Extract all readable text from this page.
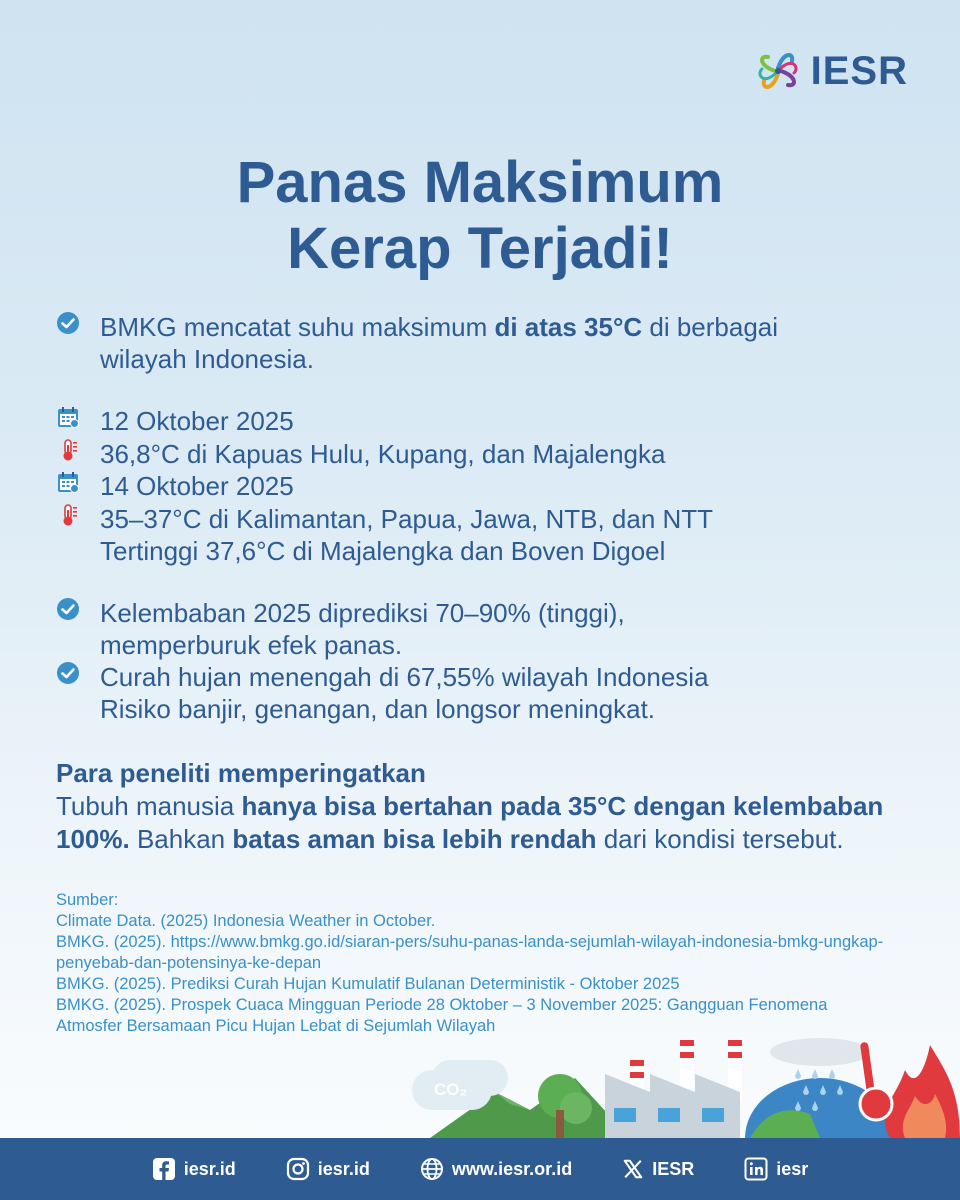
IESR
Panas Maksimum
Kerap Terjadi!
BMKG mencatat suhu maksimum di atas 35°C di berbagai
wilayah Indonesia.
12 Oktober 2025
36,8°C di Kapuas Hulu, Kupang, dan Majalengka
14 Oktober 2025
35–37°C di Kalimantan, Papua, Jawa, NTB, dan NTT
Tertinggi 37,6°C di Majalengka dan Boven Digoel
Kelembaban 2025 diprediksi 70–90% (tinggi),
memperburuk efek panas.
Curah hujan menengah di 67,55% wilayah Indonesia
Risiko banjir, genangan, dan longsor meningkat.
Para peneliti memperingatkan
Tubuh manusia hanya bisa bertahan pada 35°C dengan kelembaban 100%. Bahkan batas aman bisa lebih rendah dari kondisi tersebut.
Sumber:
Climate Data. (2025) Indonesia Weather in October.
BMKG. (2025). https://www.bmkg.go.id/siaran-pers/suhu-panas-landa-sejumlah-wilayah-indonesia-bmkg-ungkap-penyebab-dan-potensinya-ke-depan
BMKG. (2025). Prediksi Curah Hujan Kumulatif Bulanan Deterministik - Oktober 2025
BMKG. (2025). Prospek Cuaca Mingguan Periode 28 Oktober – 3 November 2025: Gangguan Fenomena Atmosfer Bersamaan Picu Hujan Lebat di Sejumlah Wilayah
CO₂
iesr.id	iesr.id	www.iesr.or.id	IESR	iesr
